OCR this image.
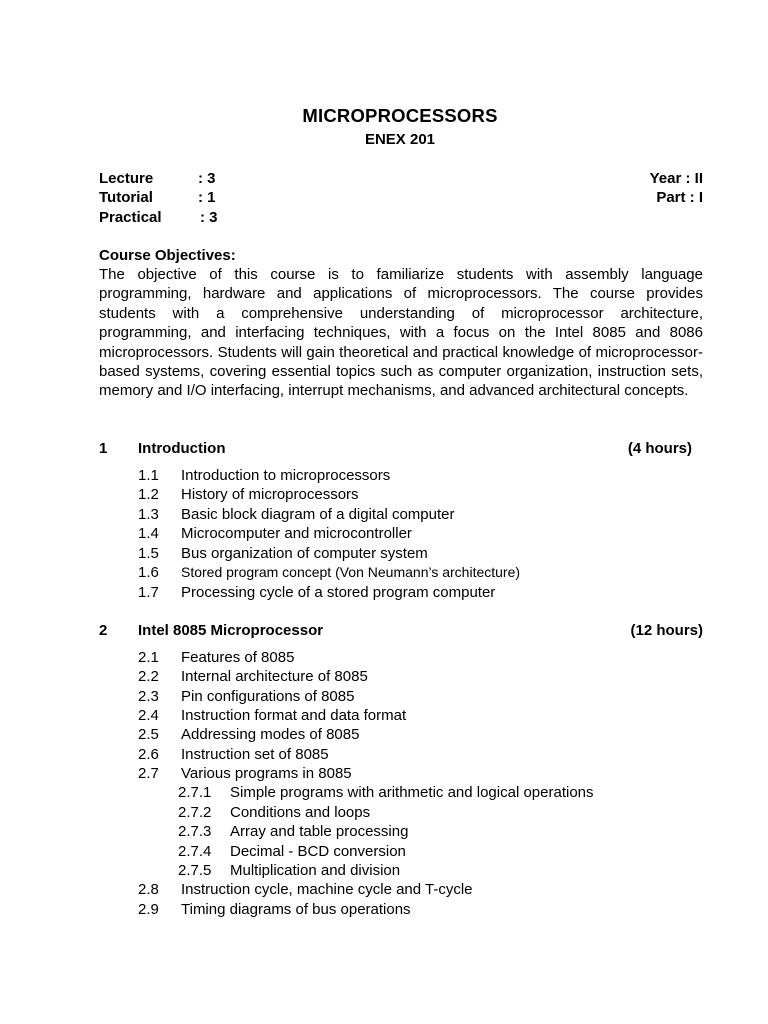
MICROPROCESSORS
ENEX 201
Lecture	: 3	Year : II
Tutorial	: 1	Part : I
Practical	: 3
Course Objectives:

The objective of this course is to familiarize students with assembly language programming, hardware and applications of microprocessors. The course provides students with a comprehensive understanding of microprocessor architecture, programming, and interfacing techniques, with a focus on the Intel 8085 and 8086 microprocessors. Students will gain theoretical and practical knowledge of microprocessor-based systems, covering essential topics such as computer organization, instruction sets, memory and I/O interfacing, interrupt mechanisms, and advanced architectural concepts.

1 Introduction	(4 hours)
1.1 Introduction to microprocessors
1.2 History of microprocessors
1.3 Basic block diagram of a digital computer
1.4 Microcomputer and microcontroller
1.5 Bus organization of computer system
1.6 Stored program concept (Von Neumann’s architecture)
1.7 Processing cycle of a stored program computer
2 Intel 8085 Microprocessor	(12 hours)
2.1 Features of 8085
2.2 Internal architecture of 8085
2.3 Pin configurations of 8085
2.4 Instruction format and data format
2.5 Addressing modes of 8085
2.6 Instruction set of 8085
2.7 Various programs in 8085
2.7.1 Simple programs with arithmetic and logical operations
2.7.2 Conditions and loops
2.7.3 Array and table processing
2.7.4 Decimal - BCD conversion
2.7.5 Multiplication and division
2.8 Instruction cycle, machine cycle and T-cycle
2.9 Timing diagrams of bus operations
